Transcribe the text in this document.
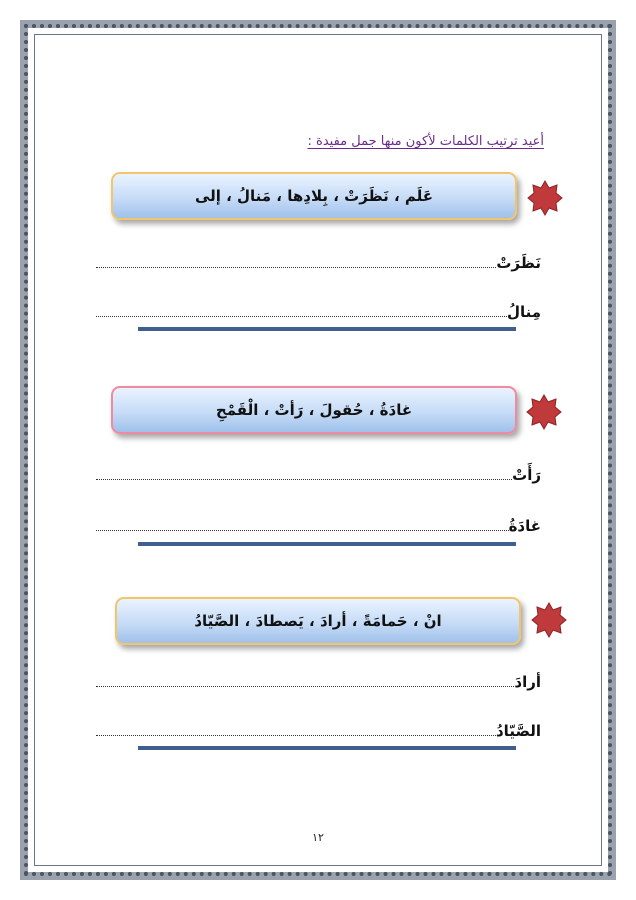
أعيد ترتيب الكلمات لأكون منها جمل مفيدة :
عَلَم ، نَظَرَتْ ، بِلادِها ، مَنالُ ، إلى
نَظَرَتْ
مِنالُ
غادَةُ ، حُقولَ ، رَأتْ ، الْقَمْحِ
رَأَتْ
غادَةُ
انْ ، حَمامَةً ، أرادَ ، يَصطادَ ، الصَّيّادُ
أرادَ
الصَّيّادُ
١٢
